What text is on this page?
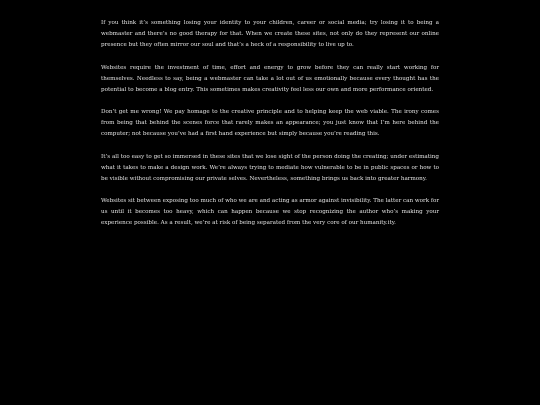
If you think it’s something losing your identity to your children, career or social media; try losing it to being a webmaster and there’s no good therapy for that. When we create these sites, not only do they represent our online presence but they often mirror our soul and that’s a heck of a responsibility to live up to.

Websites require the investment of time, effort and energy to grow before they can really start working for themselves. Needless to say, being a webmaster can take a lot out of us emotionally because every thought has the potential to become a blog entry. This sometimes makes creativity feel less our own and more performance oriented.

Don’t get me wrong! We pay homage to the creative principle and to helping keep the web viable. The irony comes from being that behind the scenes force that rarely makes an appearance; you just know that I’m here behind the computer; not because you’ve had a first hand experience but simply because you’re reading this.

It’s all too easy to get so immersed in these sites that we lose sight of the person doing the creating; under estimating what it takes to make a design work. We’re always trying to mediate how vulnerable to be in public spaces or how to be visible without compromising our private selves. Nevertheless, something brings us back into greater harmony.

Websites sit between exposing too much of who we are and acting as armor against invisibility. The latter can work for us until it becomes too heavy, which can happen because we stop recognizing the author who’s making your experience possible. As a result, we’re at risk of being separated from the very core of our humanity.ity.
